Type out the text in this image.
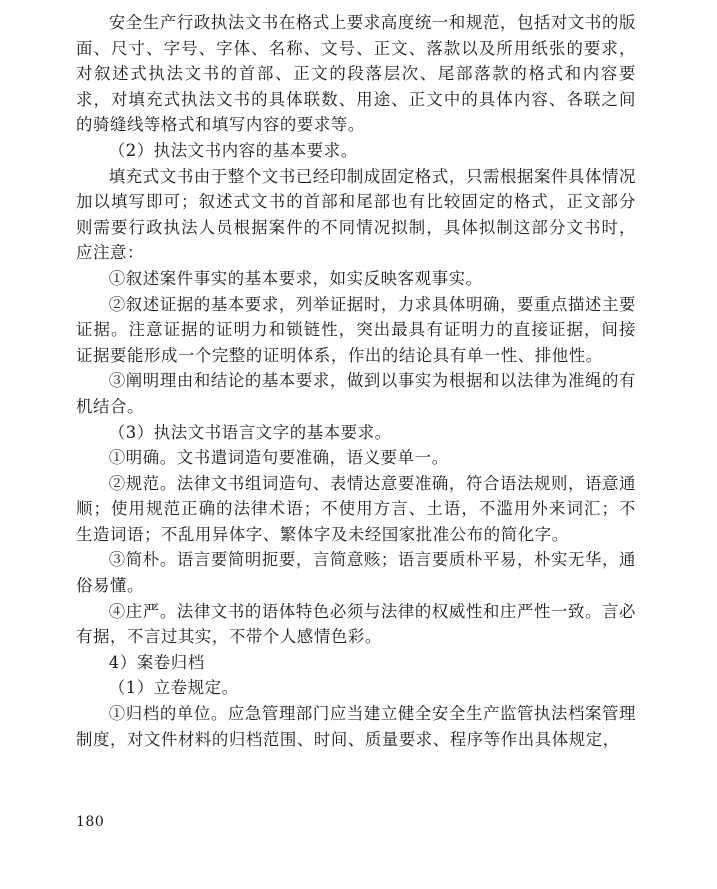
安全生产行政执法文书在格式上要求高度统一和规范，包括对文书的版面、尺寸、字号、字体、名称、文号、正文、落款以及所用纸张的要求，对叙述式执法文书的首部、正文的段落层次、尾部落款的格式和内容要求，对填充式执法文书的具体联数、用途、正文中的具体内容、各联之间的骑缝线等格式和填写内容的要求等。

（2）执法文书内容的基本要求。

填充式文书由于整个文书已经印制成固定格式，只需根据案件具体情况加以填写即可；叙述式文书的首部和尾部也有比较固定的格式，正文部分则需要行政执法人员根据案件的不同情况拟制，具体拟制这部分文书时，应注意：

①叙述案件事实的基本要求，如实反映客观事实。

②叙述证据的基本要求，列举证据时，力求具体明确，要重点描述主要证据。注意证据的证明力和锁链性，突出最具有证明力的直接证据，间接证据要能形成一个完整的证明体系，作出的结论具有单一性、排他性。

③阐明理由和结论的基本要求，做到以事实为根据和以法律为准绳的有机结合。

（3）执法文书语言文字的基本要求。

①明确。文书遣词造句要准确，语义要单一。

②规范。法律文书组词造句、表情达意要准确，符合语法规则，语意通顺；使用规范正确的法律术语；不使用方言、土语，不滥用外来词汇；不生造词语；不乱用异体字、繁体字及未经国家批准公布的简化字。

③简朴。语言要简明扼要，言简意赅；语言要质朴平易，朴实无华，通俗易懂。

④庄严。法律文书的语体特色必须与法律的权威性和庄严性一致。言必有据，不言过其实，不带个人感情色彩。

4）案卷归档

（1）立卷规定。

①归档的单位。应急管理部门应当建立健全安全生产监管执法档案管理制度，对文件材料的归档范围、时间、质量要求、程序等作出具体规定，

180
